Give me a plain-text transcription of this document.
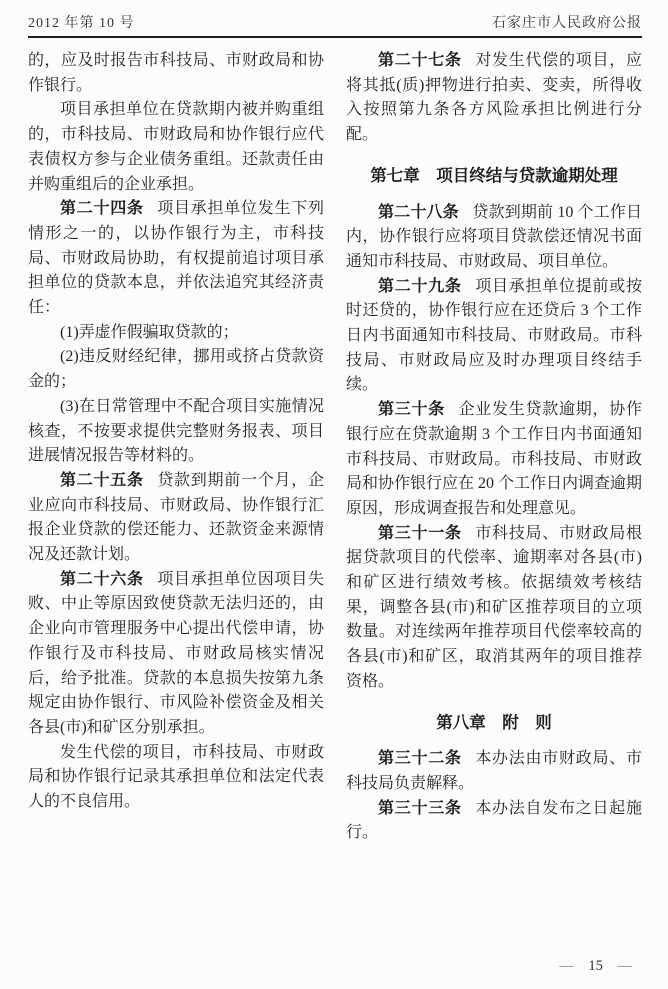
2012 年第 10 号	石家庄市人民政府公报

的，应及时报告市科技局、市财政局和协作银行。

项目承担单位在贷款期内被并购重组的，市科技局、市财政局和协作银行应代表债权方参与企业债务重组。还款责任由并购重组后的企业承担。

第二十四条 项目承担单位发生下列情形之一的，以协作银行为主，市科技局、市财政局协助，有权提前追讨项目承担单位的贷款本息，并依法追究其经济责任：

(1)弄虚作假骗取贷款的；

(2)违反财经纪律，挪用或挤占贷款资金的；

(3)在日常管理中不配合项目实施情况核查，不按要求提供完整财务报表、项目进展情况报告等材料的。

第二十五条 贷款到期前一个月，企业应向市科技局、市财政局、协作银行汇报企业贷款的偿还能力、还款资金来源情况及还款计划。

第二十六条 项目承担单位因项目失败、中止等原因致使贷款无法归还的，由企业向市管理服务中心提出代偿申请，协作银行及市科技局、市财政局核实情况后，给予批准。贷款的本息损失按第九条规定由协作银行、市风险补偿资金及相关各县(市)和矿区分别承担。

发生代偿的项目，市科技局、市财政局和协作银行记录其承担单位和法定代表人的不良信用。

第二十七条 对发生代偿的项目，应将其抵(质)押物进行拍卖、变卖，所得收入按照第九条各方风险承担比例进行分配。

第七章 项目终结与贷款逾期处理

第二十八条 贷款到期前 10 个工作日内，协作银行应将项目贷款偿还情况书面通知市科技局、市财政局、项目单位。

第二十九条 项目承担单位提前或按时还贷的，协作银行应在还贷后 3 个工作日内书面通知市科技局、市财政局。市科技局、市财政局应及时办理项目终结手续。

第三十条 企业发生贷款逾期，协作银行应在贷款逾期 3 个工作日内书面通知市科技局、市财政局。市科技局、市财政局和协作银行应在 20 个工作日内调查逾期原因，形成调查报告和处理意见。

第三十一条 市科技局、市财政局根据贷款项目的代偿率、逾期率对各县(市)和矿区进行绩效考核。依据绩效考核结果，调整各县(市)和矿区推荐项目的立项数量。对连续两年推荐项目代偿率较高的各县(市)和矿区，取消其两年的项目推荐资格。

第八章 附　则

第三十二条 本办法由市财政局、市科技局负责解释。

第三十三条 本办法自发布之日起施行。

— 15 —
